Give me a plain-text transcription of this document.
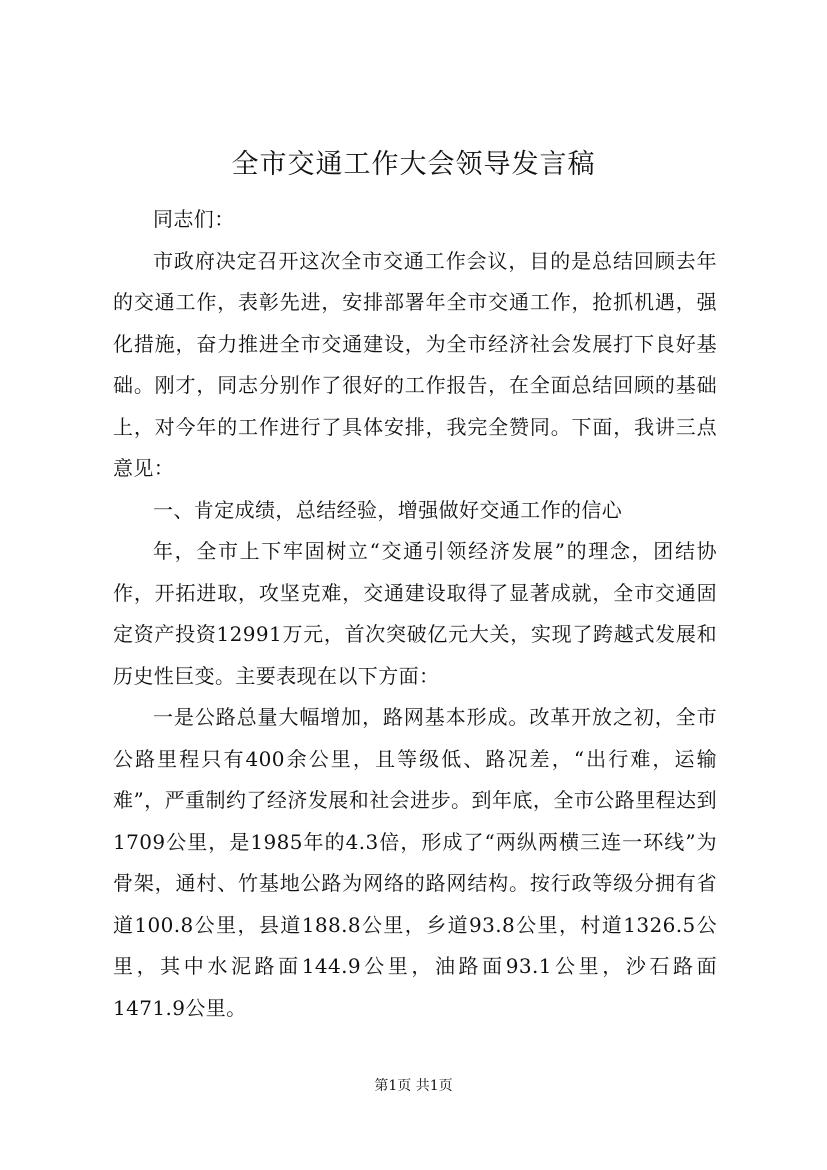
全市交通工作大会领导发言稿

同志们：

市政府决定召开这次全市交通工作会议，目的是总结回顾去年的交通工作，表彰先进，安排部署年全市交通工作，抢抓机遇，强化措施，奋力推进全市交通建设，为全市经济社会发展打下良好基础。刚才，同志分别作了很好的工作报告，在全面总结回顾的基础上，对今年的工作进行了具体安排，我完全赞同。下面，我讲三点意见：

一、肯定成绩，总结经验，增强做好交通工作的信心

年，全市上下牢固树立“交通引领经济发展”的理念，团结协作，开拓进取，攻坚克难，交通建设取得了显著成就，全市交通固定资产投资12991万元，首次突破亿元大关，实现了跨越式发展和历史性巨变。主要表现在以下方面：

一是公路总量大幅增加，路网基本形成。改革开放之初，全市公路里程只有400余公里，且等级低、路况差，“出行难，运输难”，严重制约了经济发展和社会进步。到年底，全市公路里程达到1709公里，是1985年的4.3倍，形成了“两纵两横三连一环线”为骨架，通村、竹基地公路为网络的路网结构。按行政等级分拥有省道100.8公里，县道188.8公里，乡道93.8公里，村道1326.5公里，其中水泥路面144.9公里，油路面93.1公里，沙石路面1471.9公里。

第1页 共1页
